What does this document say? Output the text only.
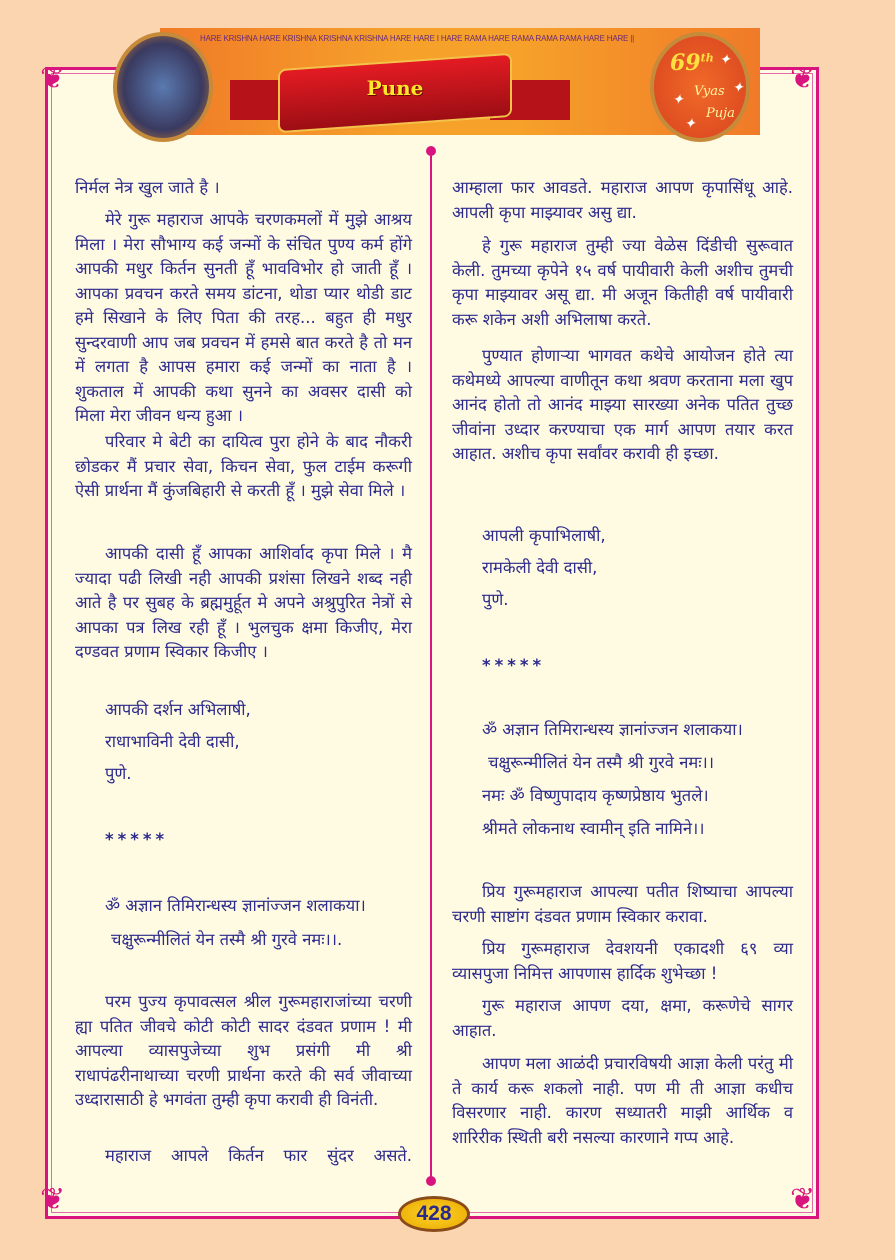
❦	❦
❦	❦
HARE KRISHNA HARE KRISHNA KRISHNA KRISHNA HARE HARE I HARE RAMA HARE RAMA RAMA RAMA HARE HARE ||
Pune
69th
Vyas
Puja
✦
✦
✦
✦

निर्मल नेत्र खुल जाते है ।

मेरे गुरू महाराज आपके चरणकमलों में मुझे आश्रय मिला । मेरा सौभाग्य कई जन्मों के संचित पुण्य कर्म होंगे आपकी मधुर किर्तन सुनती हूँ भावविभोर हो जाती हूँ । आपका प्रवचन करते समय डांटना, थोडा प्यार थोडी डाट हमे सिखाने के लिए पिता की तरह... बहुत ही मधुर सुन्दरवाणी आप जब प्रवचन में हमसे बात करते है तो मन में लगता है आपस हमारा कई जन्मों का नाता है । शुकताल में आपकी कथा सुनने का अवसर दासी को मिला मेरा जीवन धन्य हुआ ।

परिवार मे बेटी का दायित्व पुरा होने के बाद नौकरी छोडकर मैं प्रचार सेवा, किचन सेवा, फुल टाईम करूगी ऐसी प्रार्थना मैं कुंजबिहारी से करती हूँ । मुझे सेवा मिले ।

आपकी दासी हूँ आपका आशिर्वाद कृपा मिले । मै ज्यादा पढी लिखी नही आपकी प्रशंसा लिखने शब्द नही आते है पर सुबह के ब्रह्ममुर्हूत मे अपने अश्रुपुरित नेत्रों से आपका पत्र लिख रही हूँ । भुलचुक क्षमा किजीए, मेरा दण्डवत प्रणाम स्विकार किजीए ।

आपकी दर्शन अभिलाषी,

राधाभाविनी देवी दासी,

पुणे.

*****

ॐ अज्ञान तिमिरान्धस्य ज्ञानांज्जन शलाकया।

चक्षुरून्मीलितं येन तस्मै श्री गुरवे नमः।।.

परम पुज्य कृपावत्सल श्रील गुरूमहाराजांच्या चरणी ह्या पतित जीवचे कोटी कोटी सादर दंडवत प्रणाम ! मी आपल्या व्यासपुजेच्या शुभ प्रसंगी मी श्री राधापंढरीनाथाच्या चरणी प्रार्थना करते की सर्व जीवाच्या उध्दारासाठी हे भगवंता तुम्ही कृपा करावी ही विनंती.

महाराज आपले किर्तन फार सुंदर असते.

आम्हाला फार आवडते. महाराज आपण कृपासिंधू आहे. आपली कृपा माझ्यावर असु द्या.

हे गुरू महाराज तुम्ही ज्या वेळेस दिंडीची सुरूवात केली. तुमच्या कृपेने १५ वर्ष पायीवारी केली अशीच तुमची कृपा माझ्यावर असू द्या. मी अजून कितीही वर्ष पायीवारी करू शकेन अशी अभिलाषा करते.

पुण्यात होणाऱ्या भागवत कथेचे आयोजन होते त्या कथेमध्ये आपल्या वाणीतून कथा श्रवण करताना मला खुप आनंद होतो तो आनंद माझ्या सारख्या अनेक पतित तुच्छ जीवांना उध्दार करण्याचा एक मार्ग आपण तयार करत आहात. अशीच कृपा सर्वांवर करावी ही इच्छा.

आपली कृपाभिलाषी,

रामकेली देवी दासी,

पुणे.

*****

ॐ अज्ञान तिमिरान्धस्य ज्ञानांज्जन शलाकया।

चक्षुरून्मीलितं येन तस्मै श्री गुरवे नमः।।

नमः ॐ विष्णुपादाय कृष्णप्रेष्ठाय भुतले।

श्रीमते लोकनाथ स्वामीन् इति नामिने।।

प्रिय गुरूमहाराज आपल्या पतीत शिष्याचा आपल्या चरणी साष्टांग दंडवत प्रणाम स्विकार करावा.

प्रिय गुरूमहाराज देवशयनी एकादशी ६९ व्या व्यासपुजा निमित्त आपणास हार्दिक शुभेच्छा !

गुरू महाराज आपण दया, क्षमा, करूणेचे सागर आहात.

आपण मला आळंदी प्रचारविषयी आज्ञा केली परंतु मी ते कार्य करू शकलो नाही. पण मी ती आज्ञा कधीच विसरणार नाही. कारण सध्यातरी माझी आर्थिक व शारिरीक स्थिती बरी नसल्या कारणाने गप्प आहे.

428
